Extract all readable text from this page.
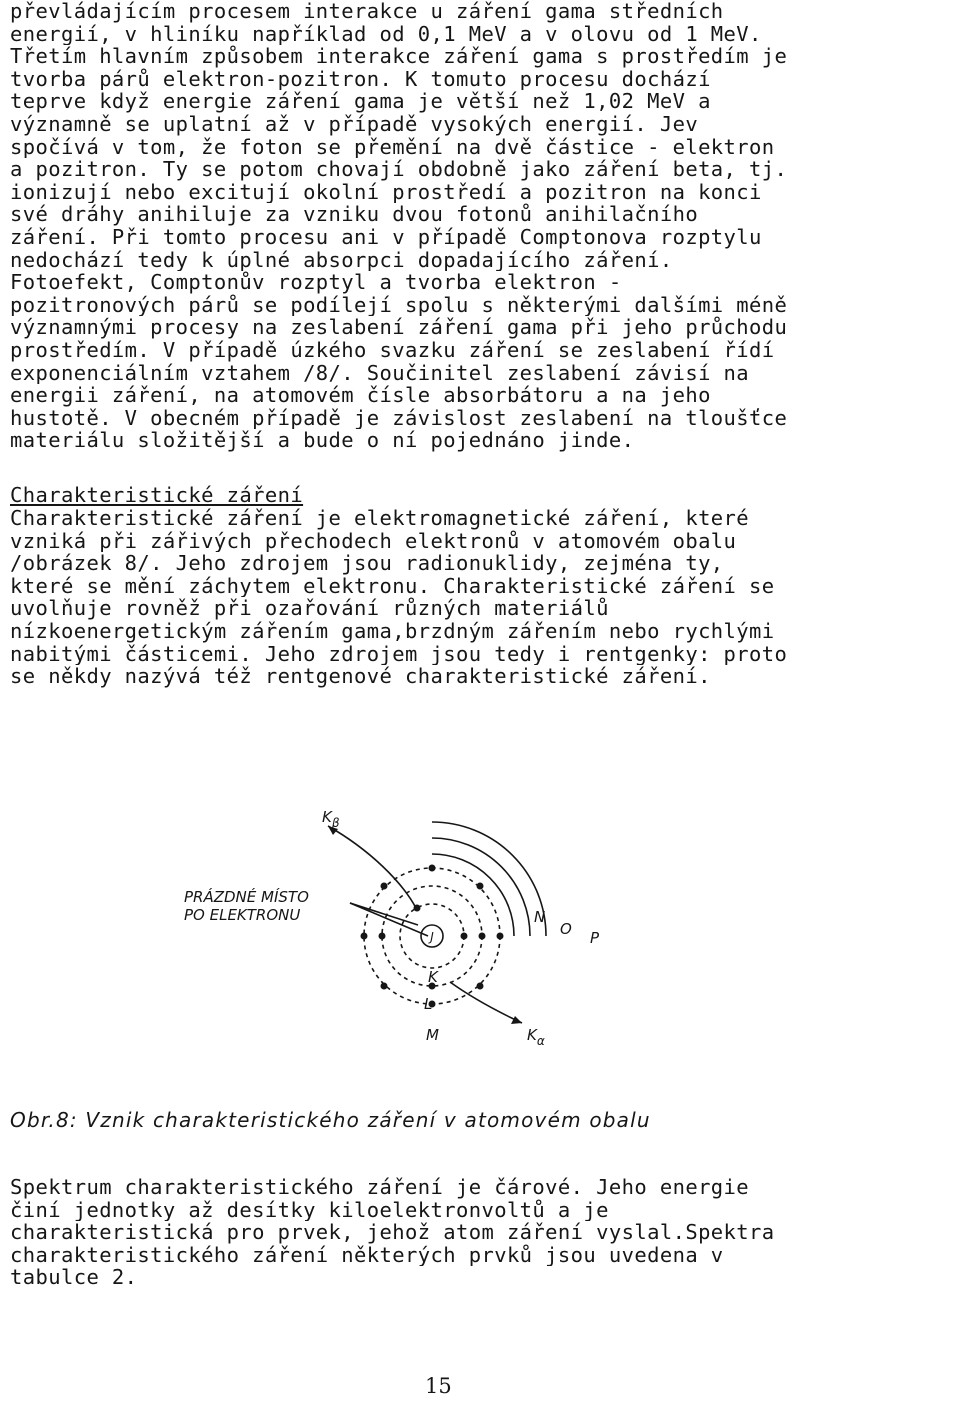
převládajícím procesem interakce u záření gama středních
energií, v hliníku například od 0,1 MeV a v olovu od 1 MeV.
Třetím hlavním způsobem interakce záření gama s prostředím je
tvorba párů elektron-pozitron. K tomuto procesu dochází
teprve když energie záření gama je větší než 1,02 MeV a
významně se uplatní až v případě vysokých energií. Jev
spočívá v tom, že foton se přemění na dvě částice - elektron
a pozitron. Ty se potom chovají obdobně jako záření beta, tj.
ionizují nebo excitují okolní prostředí a pozitron na konci
své dráhy anihiluje za vzniku dvou fotonů anihilačního
záření. Při tomto procesu ani v případě Comptonova rozptylu
nedochází tedy k úplné absorpci dopadajícího záření.
Fotoefekt, Comptonův rozptyl a tvorba elektron -
pozitronových párů se podílejí spolu s některými dalšími méně
významnými procesy na zeslabení záření gama při jeho průchodu
prostředím. V případě úzkého svazku záření se zeslabení řídí
exponenciálním vztahem /8/. Součinitel zeslabení závisí na
energii záření, na atomovém čísle absorbátoru a na jeho
hustotě. V obecném případě je závislost zeslabení na tloušťce
materiálu složitější a bude o ní pojednáno jinde.

Charakteristické záření

Charakteristické záření je elektromagnetické záření, které
vzniká při zářivých přechodech elektronů v atomovém obalu
/obrázek 8/. Jeho zdrojem jsou radionuklidy, zejména ty,
které se mění záchytem elektronu. Charakteristické záření se
uvolňuje rovněž při ozařování různých materiálů
nízkoenergetickým zářením gama,brzdným zářením nebo rychlými
nabitými částicemi. Jeho zdrojem jsou tedy i rentgenky: proto
se někdy nazývá též rentgenové charakteristické záření.
J
PRÁZDNÉ MÍSTO
PO ELEKTRONU
$K_\beta$
$K_\alpha$
K
L
M
N
O P

Obr.8: Vznik charakteristického záření v atomovém obalu

Spektrum charakteristického záření je čárové. Jeho energie
činí jednotky až desítky kiloelektronvoltů a je
charakteristická pro prvek, jehož atom záření vyslal.Spektra
charakteristického záření některých prvků jsou uvedena v
tabulce 2.

15
